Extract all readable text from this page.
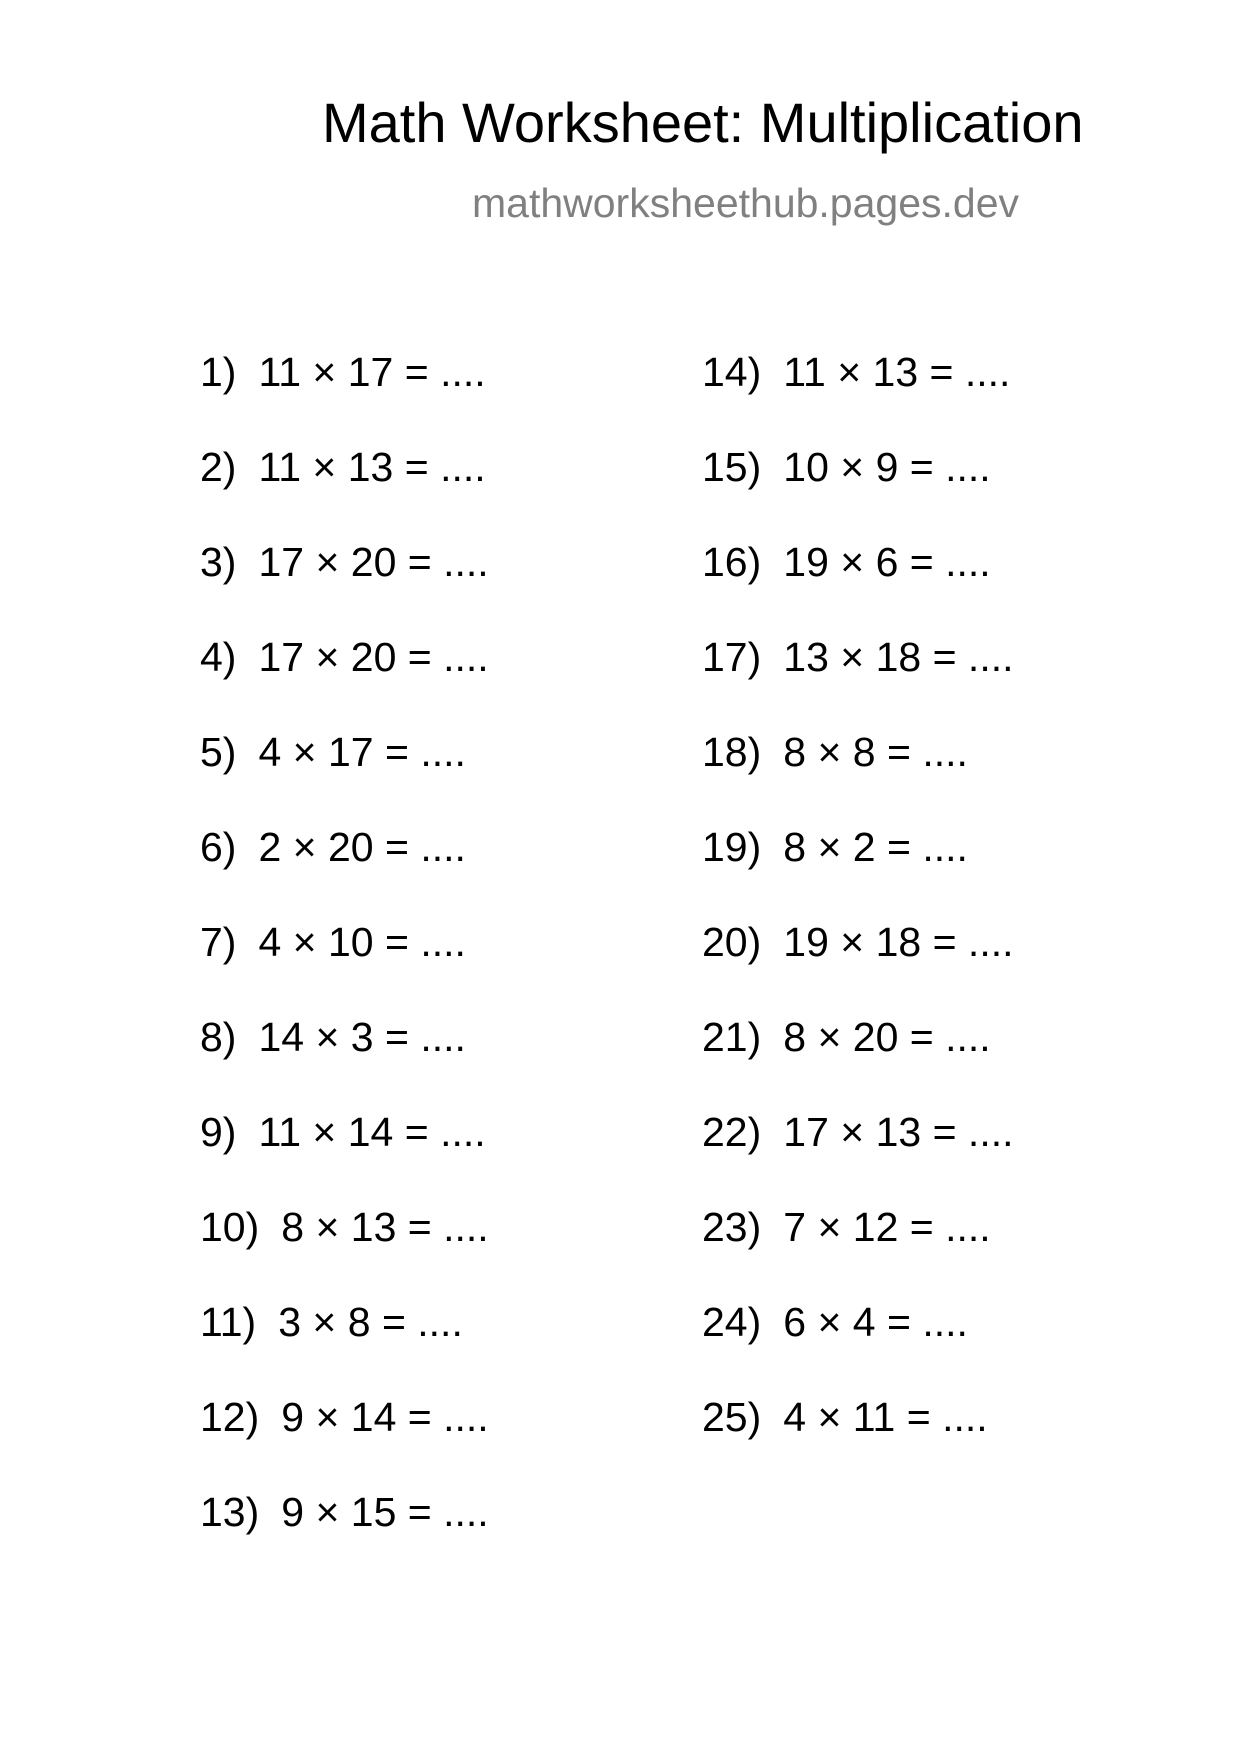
Math Worksheet: Multiplication
mathworksheethub.pages.dev
1) 11 × 17 = ....
2) 11 × 13 = ....
3) 17 × 20 = ....
4) 17 × 20 = ....
5) 4 × 17 = ....
6) 2 × 20 = ....
7) 4 × 10 = ....
8) 14 × 3 = ....
9) 11 × 14 = ....
10) 8 × 13 = ....
11) 3 × 8 = ....
12) 9 × 14 = ....
13) 9 × 15 = ....
14) 11 × 13 = ....
15) 10 × 9 = ....
16) 19 × 6 = ....
17) 13 × 18 = ....
18) 8 × 8 = ....
19) 8 × 2 = ....
20) 19 × 18 = ....
21) 8 × 20 = ....
22) 17 × 13 = ....
23) 7 × 12 = ....
24) 6 × 4 = ....
25) 4 × 11 = ....
